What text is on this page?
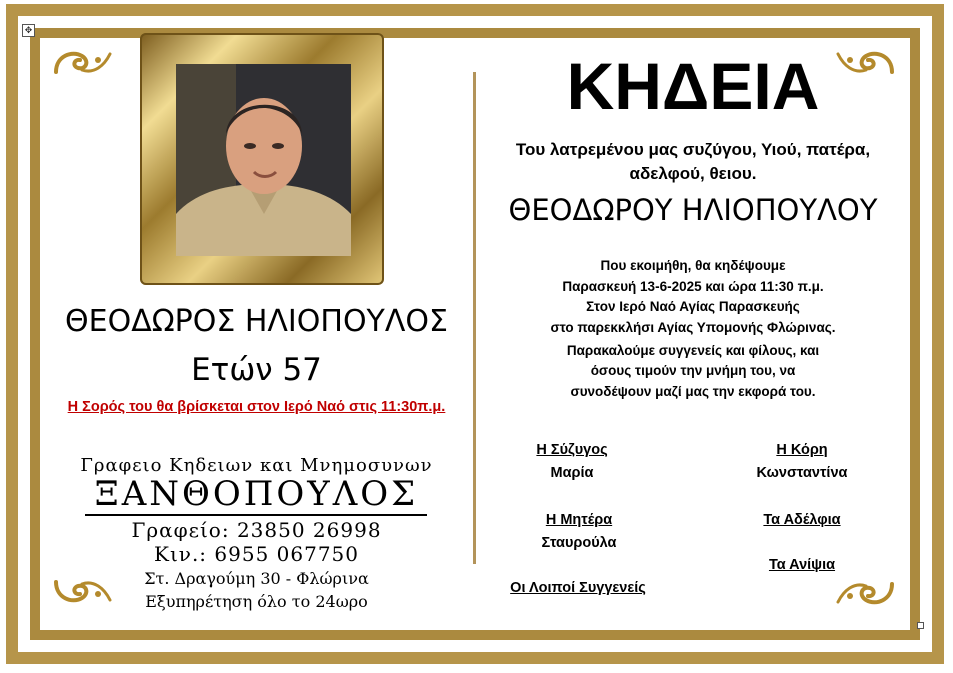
✥
ΘΕΟΔΩΡΟΣ ΗΛΙΟΠΟΥΛΟΣ
Ετών 57
Η Σορός του θα βρίσκεται στον Ιερό Ναό στις 11:30π.μ.
Γραφειο Κηδειων και Μνημοσυνων
ΞΑΝΘΟΠΟΥΛΟΣ
Γραφείο: 23850 26998
Κιν.: 6955 067750
Στ. Δραγούμη 30 - Φλώρινα
Εξυπηρέτηση όλο το 24ωρο
ΚΗΔΕΙΑ
Του λατρεμένου μας συζύγου, Υιού, πατέρα,
αδελφού, θειου.
ΘΕΟΔΩΡΟΥ ΗΛΙΟΠΟΥΛΟΥ
Που εκοιμήθη, θα κηδέψουμε
Παρασκευή 13-6-2025 και ώρα 11:30 π.μ.
Στον Ιερό Ναό Αγίας Παρασκευής
στο παρεκκλήσι Αγίας Υπομονής Φλώρινας.
Παρακαλούμε συγγενείς και φίλους, και
όσους τιμούν την μνήμη του, να
συνοδέψουν μαζί μας την εκφορά του.
Η Σύζυγος
Μαρία
Η Κόρη
Κωνσταντίνα
Η Μητέρα
Σταυρούλα
Τα Αδέλφια
Τα Ανίψια
Οι Λοιποί Συγγενείς
